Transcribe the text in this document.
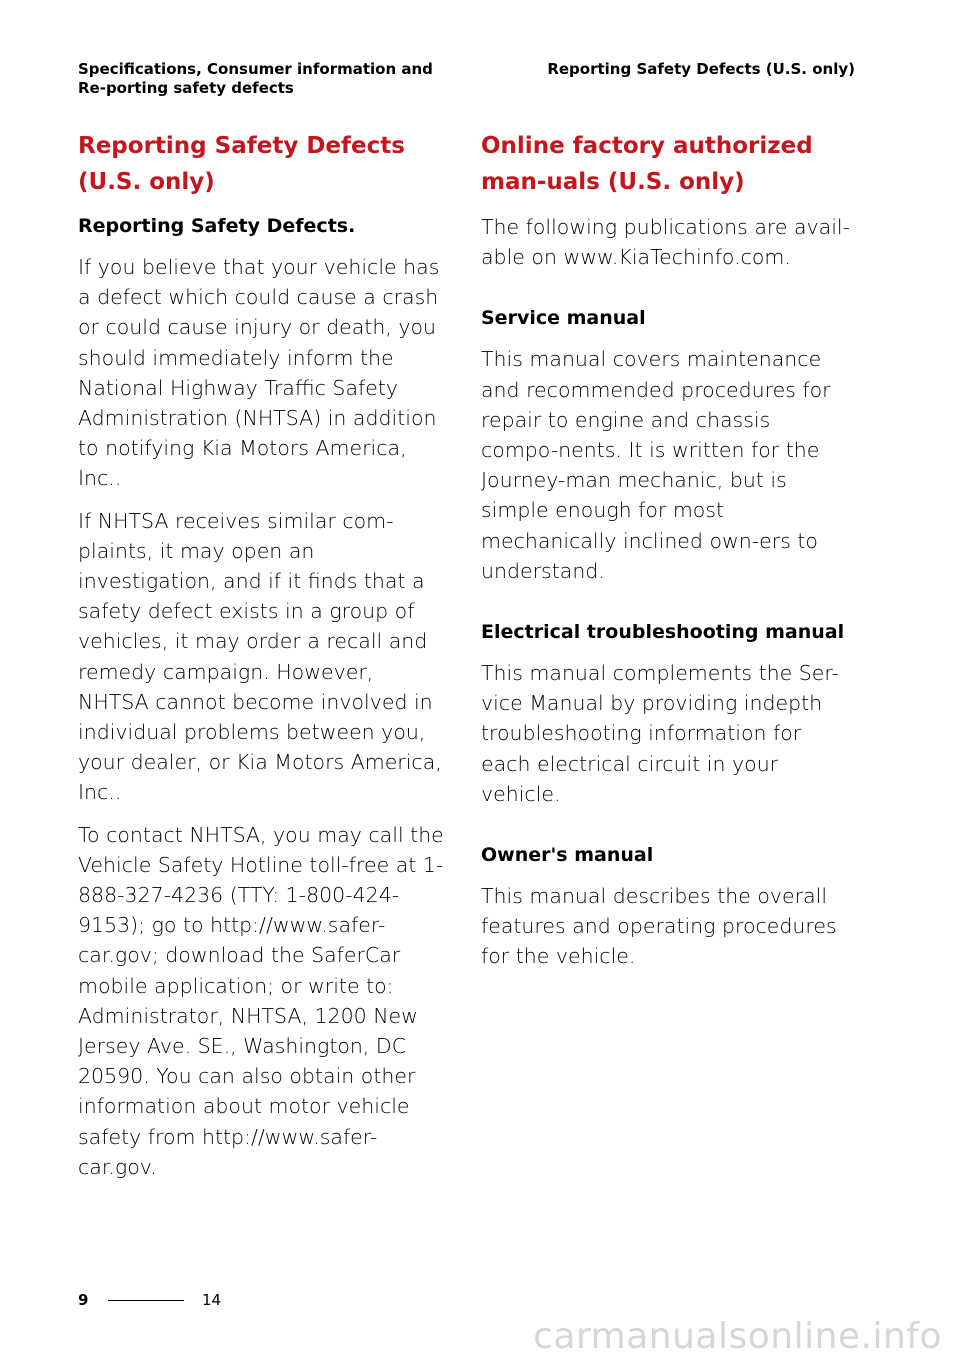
Specifications, Consumer information and Re-porting safety defects
Reporting Safety Defects (U.S. only)
Reporting Safety Defects (U.S. only)
Reporting Safety Defects.

If you believe that your vehicle has a defect which could cause a crash or could cause injury or death, you should immediately inform the National Highway Traffic Safety Administration (NHTSA) in addition to notifying Kia Motors America, Inc..

If NHTSA receives similar com-plaints, it may open an investigation, and if it finds that a safety defect exists in a group of vehicles, it may order a recall and remedy campaign. However, NHTSA cannot become involved in individual problems between you, your dealer, or Kia Motors America, Inc..

To contact NHTSA, you may call the Vehicle Safety Hotline toll-free at 1-888-327-4236 (TTY: 1-800-424-9153); go to http://www.safer-car.gov; download the SaferCar mobile application; or write to: Administrator, NHTSA, 1200 New Jersey Ave. SE., Washington, DC 20590. You can also obtain other information about motor vehicle safety from http://www.safer-car.gov.

Online factory authorized man-uals (U.S. only)

The following publications are avail-able on www.KiaTechinfo.com.

Service manual

This manual covers maintenance and recommended procedures for repair to engine and chassis compo-nents. It is written for the Journey-man mechanic, but is simple enough for most mechanically inclined own-ers to understand.

Electrical troubleshooting manual

This manual complements the Ser-vice Manual by providing indepth troubleshooting information for each electrical circuit in your vehicle.

Owner's manual

This manual describes the overall features and operating procedures for the vehicle.

9	14
carmanualsonline.info
